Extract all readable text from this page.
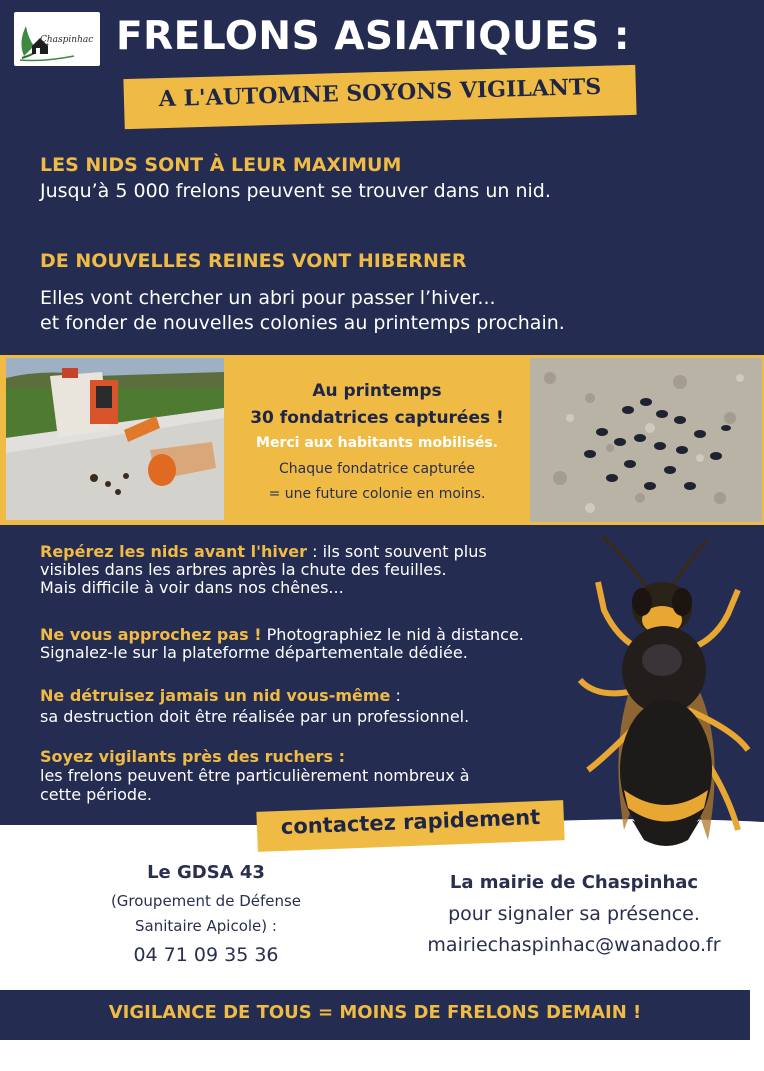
Chaspinhac FRELONS ASIATIQUES :
A L'AUTOMNE SOYONS VIGILANTS
LES NIDS SONT À LEUR MAXIMUM
Jusqu’à 5 000 frelons peuvent se trouver dans un nid.
DE NOUVELLES REINES VONT HIBERNER
Elles vont chercher un abri pour passer l’hiver...
et fonder de nouvelles colonies au printemps prochain.
Au printemps
30 fondatrices capturées !
Merci aux habitants mobilisés.
Chaque fondatrice capturée
= une future colonie en moins.
Repérez les nids avant l'hiver : ils sont souvent plus
visibles dans les arbres après la chute des feuilles.
Mais difficile à voir dans nos chênes...
Ne vous approchez pas ! Photographiez le nid à distance.
Signalez-le sur la plateforme départementale dédiée.
Ne détruisez jamais un nid vous-même :
sa destruction doit être réalisée par un professionnel.
Soyez vigilants près des ruchers :
les frelons peuvent être particulièrement nombreux à
cette période.
contactez rapidement
Le GDSA 43
(Groupement de Défense
Sanitaire Apicole) :
04 71 09 35 36
La mairie de Chaspinhac
pour signaler sa présence.
mairiechaspinhac@wanadoo.fr
VIGILANCE DE TOUS = MOINS DE FRELONS DEMAIN !
